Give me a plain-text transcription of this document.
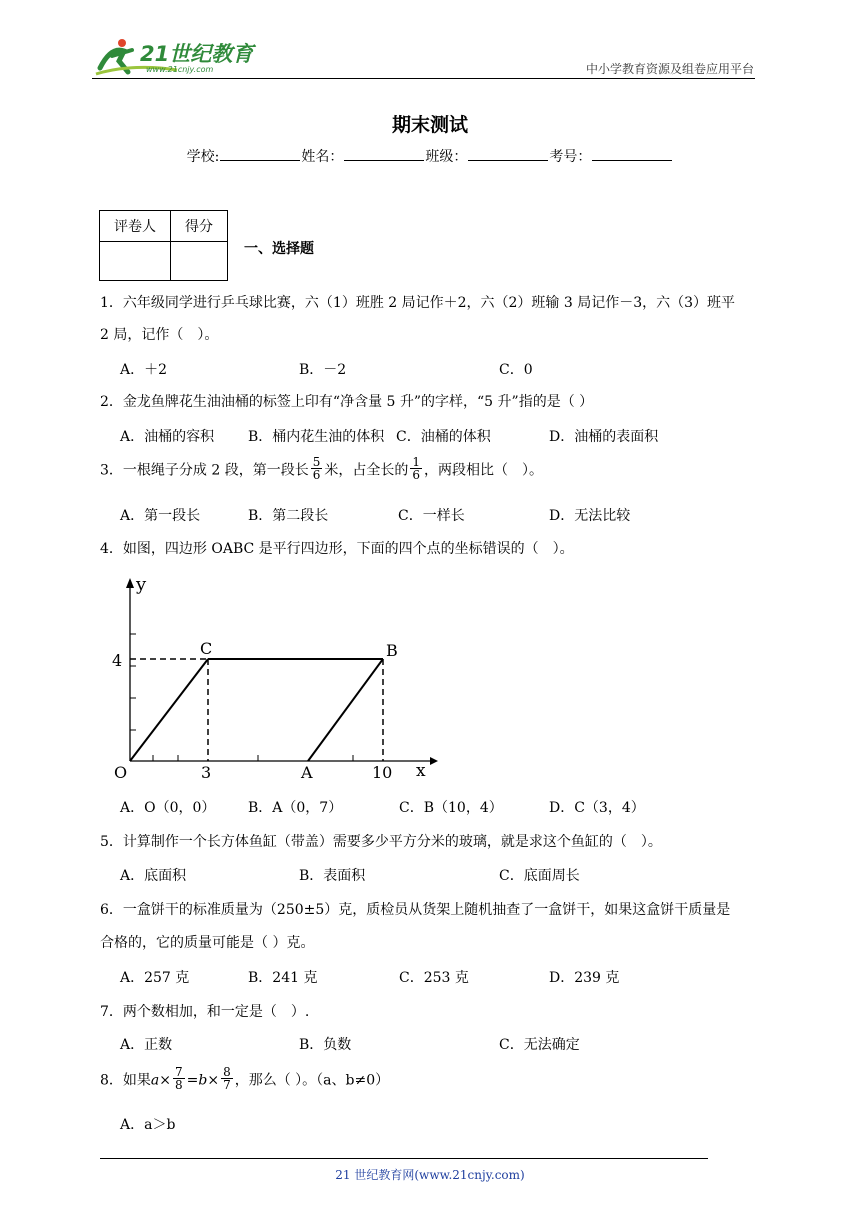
21世纪教育
www.21cnjy.com	中小学教育资源及组卷应用平台
期末测试
学校:	姓名：	班级：	考号：
评卷人	得分

一、选择题
1．六年级同学进行乒乓球比赛，六（1）班胜 2 局记作＋2，六（2）班输 3 局记作－3，六（3）班平
2 局，记作（　）。
A．＋2	B．－2	C．0
2．金龙鱼牌花生油油桶的标签上印有“净含量 5 升”的字样，“5 升”指的是（ ）
A．油桶的容积 B．桶内花生油的体积 C．油桶的体积	D．油桶的表面积
3．一根绳子分成 2 段，第一段长 $\frac{5}{6}$ 米，占全长的 $\frac{1}{6}$ ，两段相比（　）。
A．第一段长	B．第二段长	C．一样长	D．无法比较
4．如图，四边形 OABC 是平行四边形，下面的四个点的坐标错误的（　）。
y
x
O	3	A	10
4
C	B
A．O（0，0） B．A（0，7）	C．B（10，4）	D．C（3，4）
5．计算制作一个长方体鱼缸（带盖）需要多少平方分米的玻璃，就是求这个鱼缸的（　）。
A．底面积	B．表面积	C．底面周长
6．一盒饼干的标准质量为（250±5）克，质检员从货架上随机抽查了一盒饼干，如果这盒饼干质量是
合格的，它的质量可能是（ ）克。
A．257 克	B．241 克	C．253 克	D．239 克
7．两个数相加，和一定是（　）.
A．正数	B．负数	C．无法确定
8．如果$a\times \frac{7}{8} =b\times \frac{8}{7}$ ，那么（ ）。（a、b≠0）
A．a＞b
21 世纪教育网(www.21cnjy.com)
